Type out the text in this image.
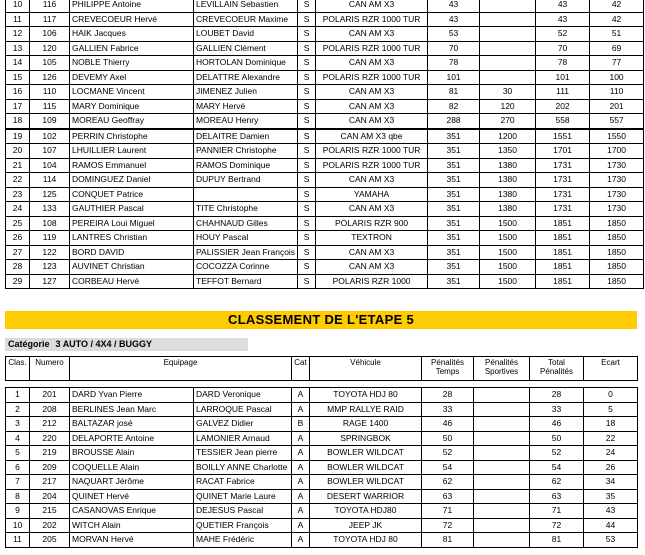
10	116	PHILIPPE Antoine	LEVILLAIN Sebastien	S	CAN AM X3	43		43	42
11	117	CREVECOEUR Hervé	CREVECOEUR Maxime	S	POLARIS RZR 1000 TUR	43		43	42
12	106	HAIK Jacques	LOUBET David	S	CAN AM X3	53		52	51
13	120	GALLIEN Fabrice	GALLIEN Clément	S	POLARIS RZR 1000 TUR	70		70	69
14	105	NOBLE Thierry	HORTOLAN Dominique	S	CAN AM X3	78		78	77
15	126	DEVEMY Axel	DELATTRE Alexandre	S	POLARIS RZR 1000 TUR	101		101	100
16	110	LOCMANE Vincent	JIMENEZ Julien	S	CAN AM X3	81	30	111	110
17	115	MARY Dominique	MARY Hervé	S	CAN AM X3	82	120	202	201
18	109	MOREAU Geoffray	MOREAU Henry	S	CAN AM X3	288	270	558	557
19	102	PERRIN Christophe	DELAITRE Damien	S	CAN AM X3 qbe	351	1200	1551	1550
20	107	LHUILLIER Laurent	PANNIER Christophe	S	POLARIS RZR 1000 TUR	351	1350	1701	1700
21	104	RAMOS Emmanuel	RAMOS Dominique	S	POLARIS RZR 1000 TUR	351	1380	1731	1730
22	114	DOMINGUEZ Daniel	DUPUY Bertrand	S	CAN AM X3	351	1380	1731	1730
23	125	CONQUET Patrice		S	YAMAHA	351	1380	1731	1730
24	133	GAUTHIER Pascal	TITE Christophe	S	CAN AM X3	351	1380	1731	1730
25	108	PEREIRA Loui Miguel	CHAHNAUD Gilles	S	POLARIS RZR 900	351	1500	1851	1850
26	119	LANTRES Christian	HOUY Pascal	S	TEXTRON	351	1500	1851	1850
27	122	BORD DAVID	PALISSIER Jean François	S	CAN AM X3	351	1500	1851	1850
28	123	AUVINET Christian	COCOZZA Corinne	S	CAN AM X3	351	1500	1851	1850
29	127	CORBEAU Hervé	TEFFOT Bernard	S	POLARIS RZR 1000	351	1500	1851	1850
CLASSEMENT DE L'ETAPE 5
Catégorie 3 AUTO / 4X4 / BUGGY
Clas.	Numero	Equipage		Cat	Véhicule	Pénalités Temps	Pénalités Sportives	Total Pénalités	Ecart

1	201	DARD Yvan Pierre	DARD Veronique	A	TOYOTA HDJ 80	28		28	0
2	208	BERLINES Jean Marc	LARROQUE Pascal	A	MMP RALLYE RAID	33		33	5
3	212	BALTAZAR josé	GALVEZ Didier	B	RAGE 1400	46		46	18
4	220	DELAPORTE Antoine	LAMONIER Arnaud	A	SPRINGBOK	50		50	22
5	219	BROUSSE Alain	TESSIER Jean pierre	A	BOWLER WILDCAT	52		52	24
6	209	COQUELLE Alain	BOILLY ANNE Charlotte	A	BOWLER WILDCAT	54		54	26
7	217	NAQUART Jérôme	RACAT Fabrice	A	BOWLER WILDCAT	62		62	34
8	204	QUINET Hervé	QUINET Marie Laure	A	DESERT WARRIOR	63		63	35
9	215	CASANOVAS Enrique	DEJESUS Pascal	A	TOYOTA HDJ80	71		71	43
10	202	WITCH Alain	QUETIER François	A	JEEP JK	72		72	44
11	205	MORVAN Hervé	MAHE Frédéric	A	TOYOTA HDJ 80	81		81	53
